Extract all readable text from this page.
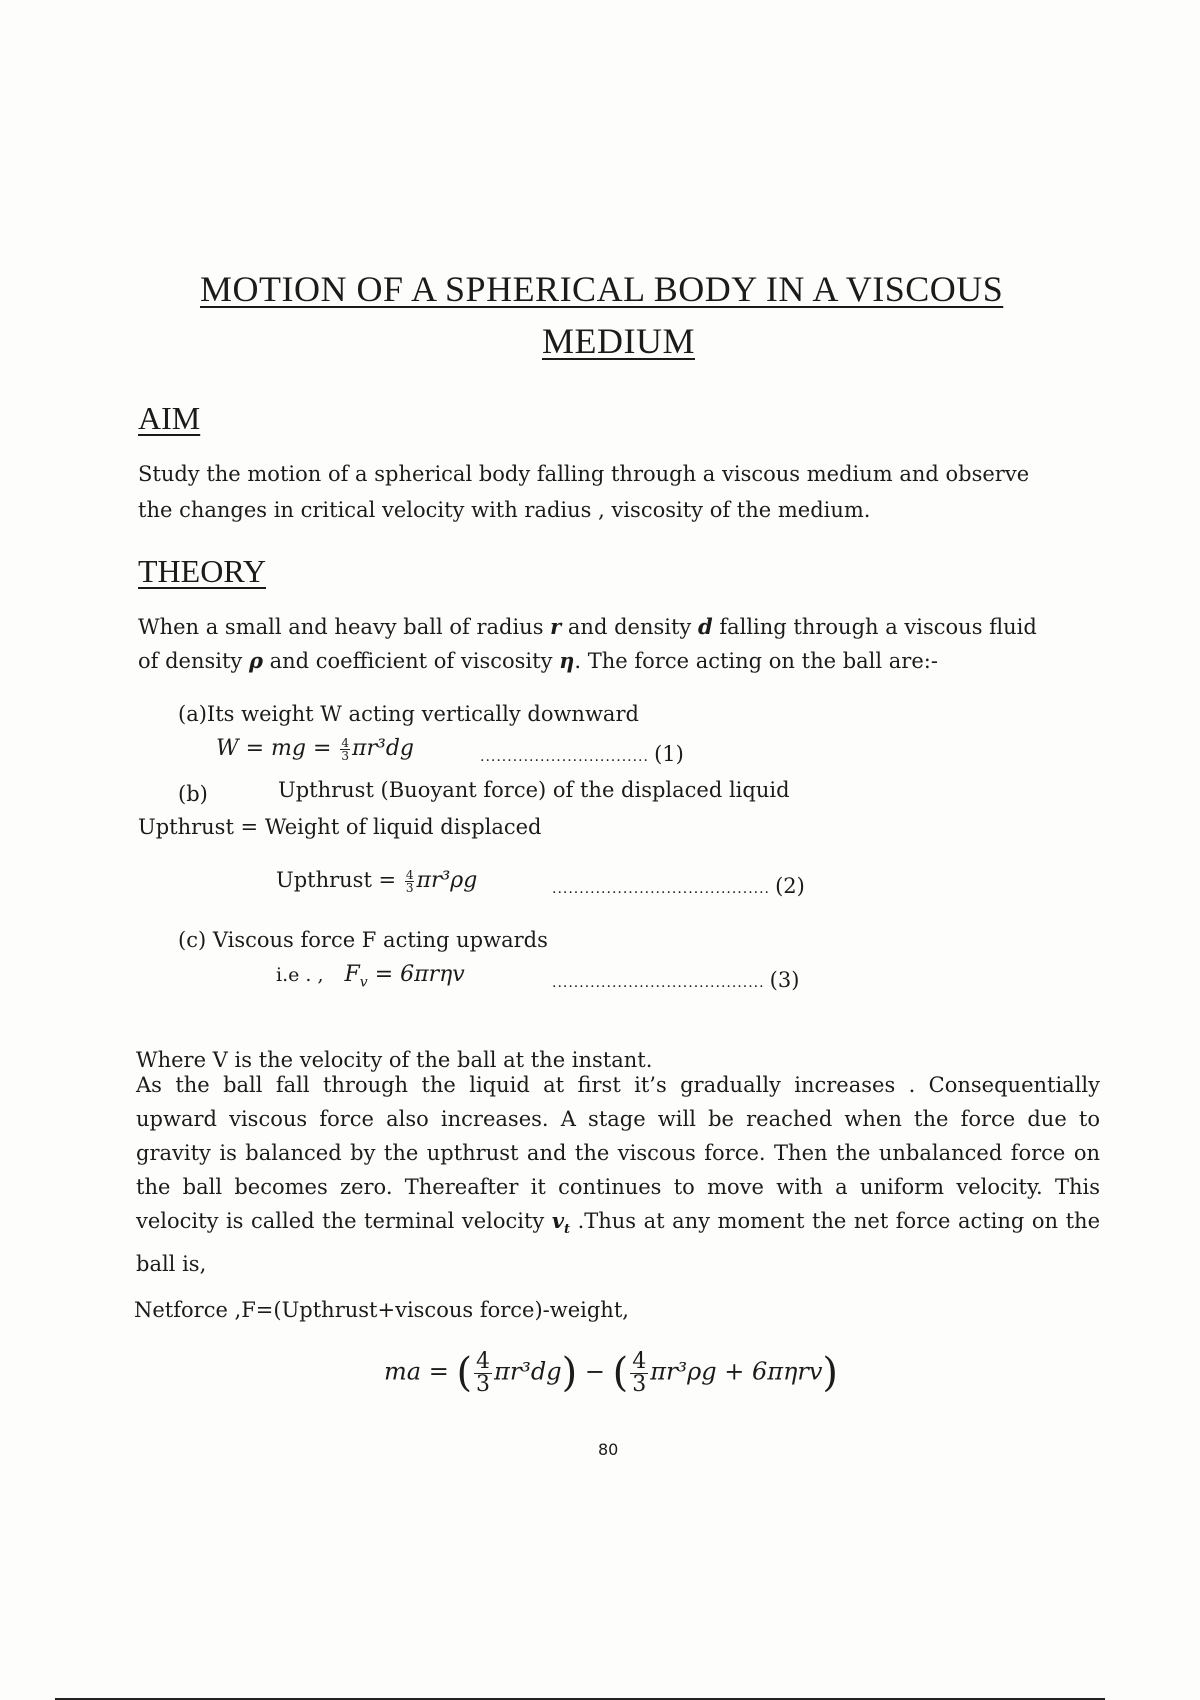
MOTION OF A SPHERICAL BODY IN A VISCOUS
MEDIUM
AIM
Study the motion of a spherical body falling through a viscous medium and observe
the changes in critical velocity with radius , viscosity of the medium.
THEORY
When a small and heavy ball of radius r and density d falling through a viscous fluid
of density ρ and coefficient of viscosity η. The force acting on the ball are:-
(a)Its weight W acting vertically downward
W = mg = $\frac{4}{3} \pi r^3dg$	............................... (1)
(b)	Upthrust (Buoyant force) of the displaced liquid
Upthrust = Weight of liquid displaced
Upthrust = $\frac{4}{3} \pi r^3\rho g$	........................................ (2)
(c) Viscous force F acting upwards
i.e . , $F_v = 6\pi r\eta v$	....................................... (3)
Where V is the velocity of the ball at the instant.
As the ball fall through the liquid at first it’s gradually increases . Consequentially upward viscous force also increases. A stage will be reached when the force due to gravity is balanced by the upthrust and the viscous force. Then the unbalanced force on the ball becomes zero. Thereafter it continues to move with a uniform velocity. This velocity is called the terminal velocity $v_t$ .Thus at any moment the net force acting on the ball is,
Netforce ,F=(Upthrust+viscous force)-weight,
ma = ( $\frac{4}{3} \pi r^3dg$) − ( $\frac{4}{3} \pi r^3\rho g + 6\pi\eta rv$)
80
